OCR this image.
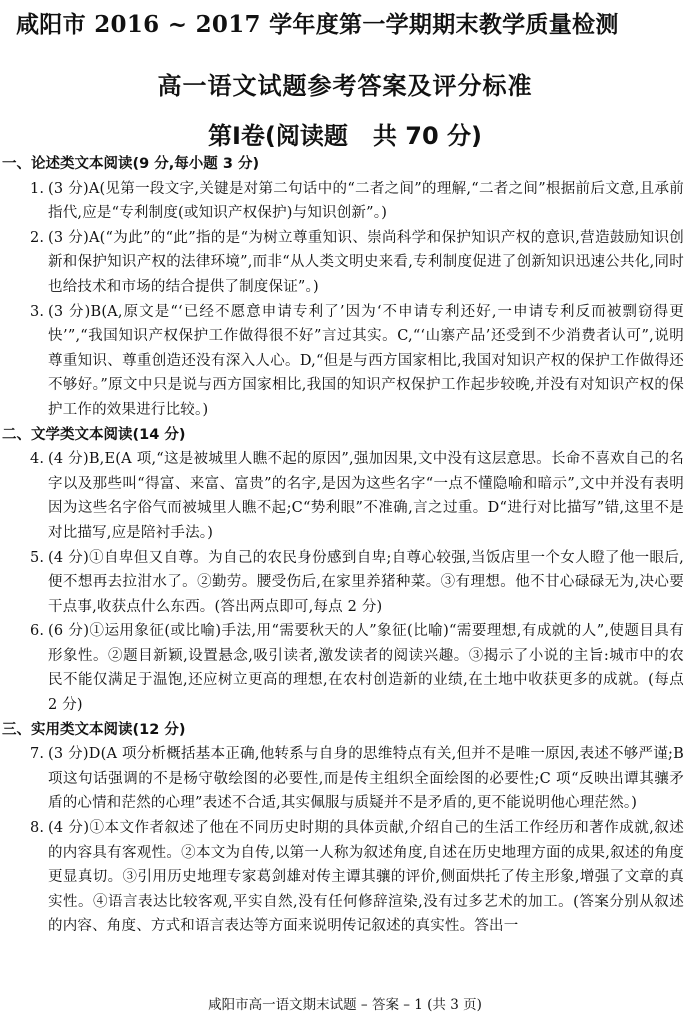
咸阳市 2016 ~ 2017 学年度第一学期期末教学质量检测
高一语文试题参考答案及评分标准
第Ⅰ卷(阅读题   共 70 分)
一、论述类文本阅读(9 分,每小题 3 分)
1. (3 分)A(见第一段文字,关键是对第二句话中的“二者之间”的理解,“二者之间”根据前后文意,且承前指代,应是“专利制度(或知识产权保护)与知识创新”。)
2. (3 分)A(“为此”的“此”指的是“为树立尊重知识、崇尚科学和保护知识产权的意识,营造鼓励知识创新和保护知识产权的法律环境”,而非“从人类文明史来看,专利制度促进了创新知识迅速公共化,同时也给技术和市场的结合提供了制度保证”。)
3. (3 分)B(A,原文是“‘已经不愿意申请专利了’因为‘不申请专利还好,一申请专利反而被剽窃得更快’”,“我国知识产权保护工作做得很不好”言过其实。C,“‘山寨产品’还受到不少消费者认可”,说明尊重知识、尊重创造还没有深入人心。D,“但是与西方国家相比,我国对知识产权的保护工作做得还不够好。”原文中只是说与西方国家相比,我国的知识产权保护工作起步较晚,并没有对知识产权的保护工作的效果进行比较。)
二、文学类文本阅读(14 分)
4. (4 分)B,E(A 项,“这是被城里人瞧不起的原因”,强加因果,文中没有这层意思。长命不喜欢自己的名字以及那些叫“得富、来富、富贵”的名字,是因为这些名字“一点不懂隐喻和暗示”,文中并没有表明因为这些名字俗气而被城里人瞧不起;C“势利眼”不准确,言之过重。D“进行对比描写”错,这里不是对比描写,应是陪衬手法。)
5. (4 分)①自卑但又自尊。为自己的农民身份感到自卑;自尊心较强,当饭店里一个女人瞪了他一眼后,便不想再去拉泔水了。②勤劳。腰受伤后,在家里养猪种菜。③有理想。他不甘心碌碌无为,决心要干点事,收获点什么东西。(答出两点即可,每点 2 分)
6. (6 分)①运用象征(或比喻)手法,用“需要秋天的人”象征(比喻)“需要理想,有成就的人”,使题目具有形象性。②题目新颖,设置悬念,吸引读者,激发读者的阅读兴趣。③揭示了小说的主旨:城市中的农民不能仅满足于温饱,还应树立更高的理想,在农村创造新的业绩,在土地中收获更多的成就。(每点 2 分)
三、实用类文本阅读(12 分)
7. (3 分)D(A 项分析概括基本正确,他转系与自身的思维特点有关,但并不是唯一原因,表述不够严谨;B 项这句话强调的不是杨守敬绘图的必要性,而是传主组织全面绘图的必要性;C 项“反映出谭其骧矛盾的心情和茫然的心理”表述不合适,其实佩服与质疑并不是矛盾的,更不能说明他心理茫然。)
8. (4 分)①本文作者叙述了他在不同历史时期的具体贡献,介绍自己的生活工作经历和著作成就,叙述的内容具有客观性。②本文为自传,以第一人称为叙述角度,自述在历史地理方面的成果,叙述的角度更显真切。③引用历史地理专家葛剑雄对传主谭其骧的评价,侧面烘托了传主形象,增强了文章的真实性。④语言表达比较客观,平实自然,没有任何修辞渲染,没有过多艺术的加工。(答案分别从叙述的内容、角度、方式和语言表达等方面来说明传记叙述的真实性。答出一
咸阳市高一语文期末试题 – 答案 – 1 (共 3 页)
